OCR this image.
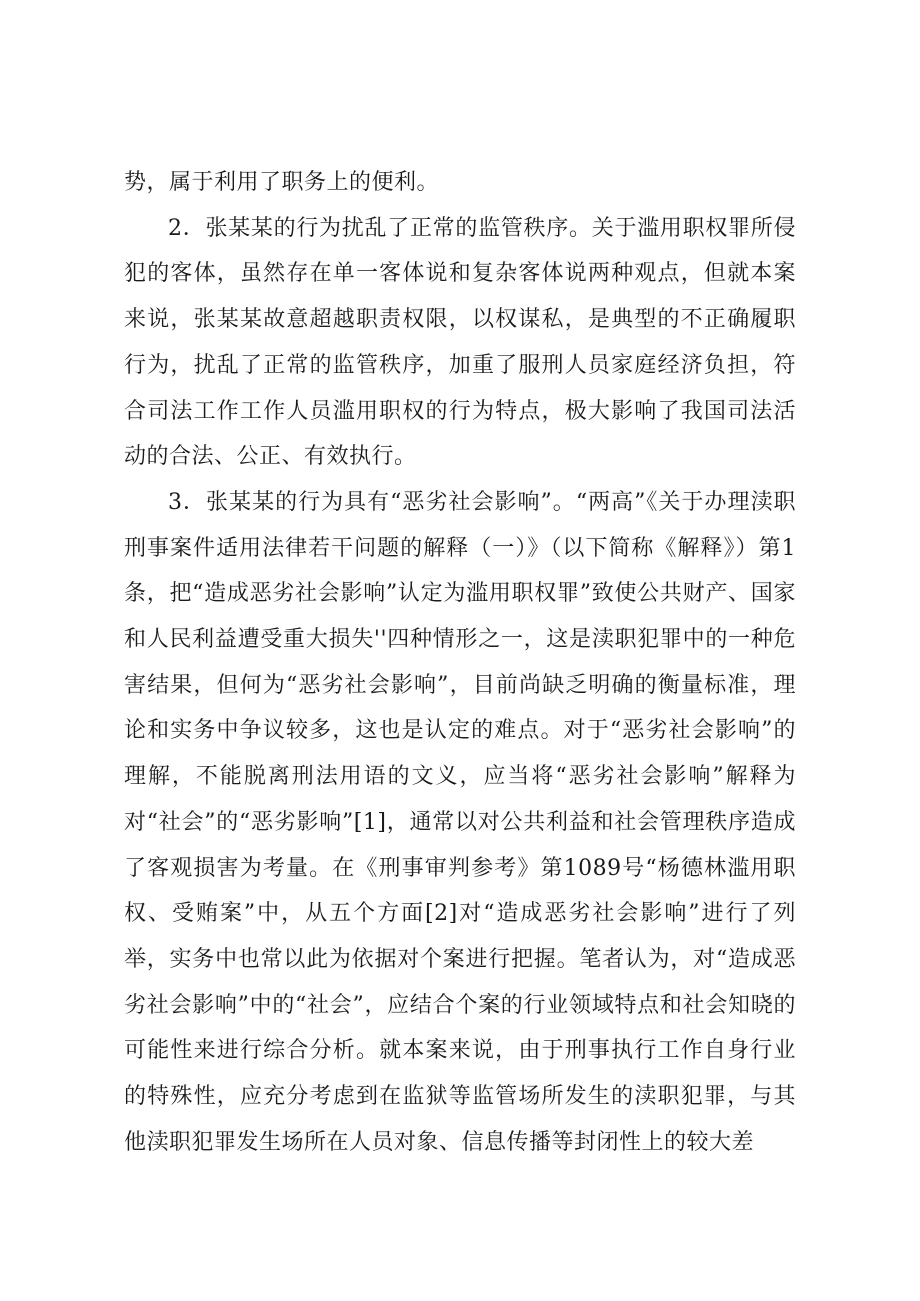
势，属于利用了职务上的便利。

2．张某某的行为扰乱了正常的监管秩序。关于滥用职权罪所侵犯的客体，虽然存在单一客体说和复杂客体说两种观点，但就本案来说，张某某故意超越职责权限，以权谋私，是典型的不正确履职行为，扰乱了正常的监管秩序，加重了服刑人员家庭经济负担，符合司法工作工作人员滥用职权的行为特点，极大影响了我国司法活动的合法、公正、有效执行。

3．张某某的行为具有“恶劣社会影响”。“两高”《关于办理渎职刑事案件适用法律若干问题的解释（一）》（以下简称《解释》）第1条，把“造成恶劣社会影响”认定为滥用职权罪”致使公共财产、国家和人民利益遭受重大损失''四种情形之一，这是渎职犯罪中的一种危害结果，但何为“恶劣社会影响”，目前尚缺乏明确的衡量标准，理论和实务中争议较多，这也是认定的难点。对于“恶劣社会影响”的理解，不能脱离刑法用语的文义，应当将“恶劣社会影响”解释为对“社会”的“恶劣影响”[1]，通常以对公共利益和社会管理秩序造成了客观损害为考量。在《刑事审判参考》第1089号“杨德林滥用职权、受贿案”中，从五个方面[2]对“造成恶劣社会影响”进行了列举，实务中也常以此为依据对个案进行把握。笔者认为，对“造成恶劣社会影响”中的“社会”，应结合个案的行业领域特点和社会知晓的可能性来进行综合分析。就本案来说，由于刑事执行工作自身行业的特殊性，应充分考虑到在监狱等监管场所发生的渎职犯罪，与其他渎职犯罪发生场所在人员对象、信息传播等封闭性上的较大差
